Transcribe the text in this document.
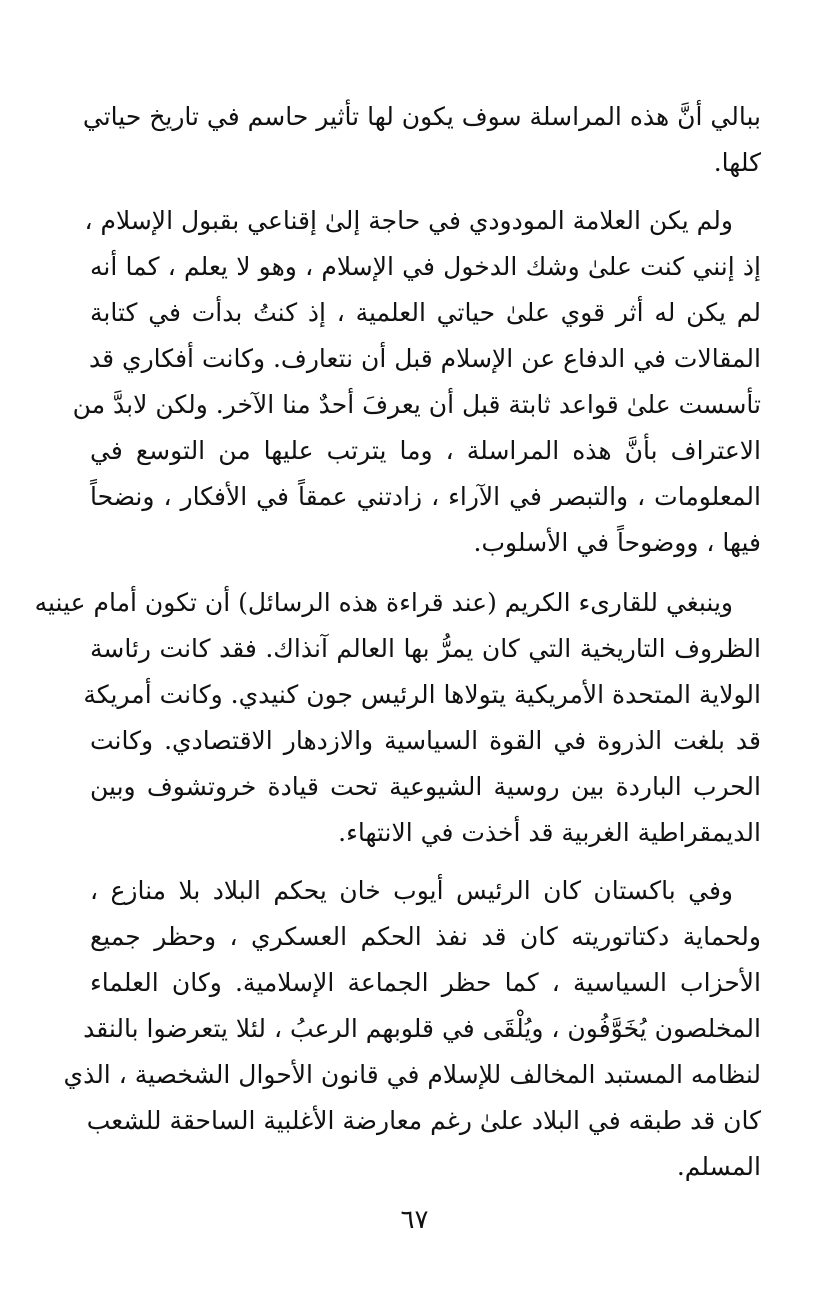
ببالي أنَّ هذه المراسلة سوف يكون لها تأثير حاسم في تاريخ حياتي
كلها.
ولم يكن العلامة المودودي في حاجة إلىٰ إقناعي بقبول الإسلام ،
إذ إنني كنت علىٰ وشك الدخول في الإسلام ، وهو لا يعلم ، كما أنه
لم يكن له أثر قوي علىٰ حياتي العلمية ، إذ كنتُ بدأت في كتابة
المقالات في الدفاع عن الإسلام قبل أن نتعارف. وكانت أفكاري قد
تأسست علىٰ قواعد ثابتة قبل أن يعرفَ أحدٌ منا الآخر. ولكن لابدَّ من
الاعتراف بأنَّ هذه المراسلة ، وما يترتب عليها من التوسع في
المعلومات ، والتبصر في الآراء ، زادتني عمقاً في الأفكار ، ونضحاً
فيها ، ووضوحاً في الأسلوب.
وينبغي للقارىء الكريم (عند قراءة هذه الرسائل) أن تكون أمام عينيه
الظروف التاريخية التي كان يمرُّ بها العالم آنذاك. فقد كانت رئاسة
الولاية المتحدة الأمريكية يتولاها الرئيس جون كنيدي. وكانت أمريكة
قد بلغت الذروة في القوة السياسية والازدهار الاقتصادي. وكانت
الحرب الباردة بين روسية الشيوعية تحت قيادة خروتشوف وبين
الديمقراطية الغربية قد أخذت في الانتهاء.
وفي باكستان كان الرئيس أيوب خان يحكم البلاد بلا منازع ،
ولحماية دكتاتوريته كان قد نفذ الحكم العسكري ، وحظر جميع
الأحزاب السياسية ، كما حظر الجماعة الإسلامية. وكان العلماء
المخلصون يُخَوَّفُون ، ويُلْقَى في قلوبهم الرعبُ ، لئلا يتعرضوا بالنقد
لنظامه المستبد المخالف للإسلام في قانون الأحوال الشخصية ، الذي
كان قد طبقه في البلاد علىٰ رغم معارضة الأغلبية الساحقة للشعب
المسلم.
٦٧
